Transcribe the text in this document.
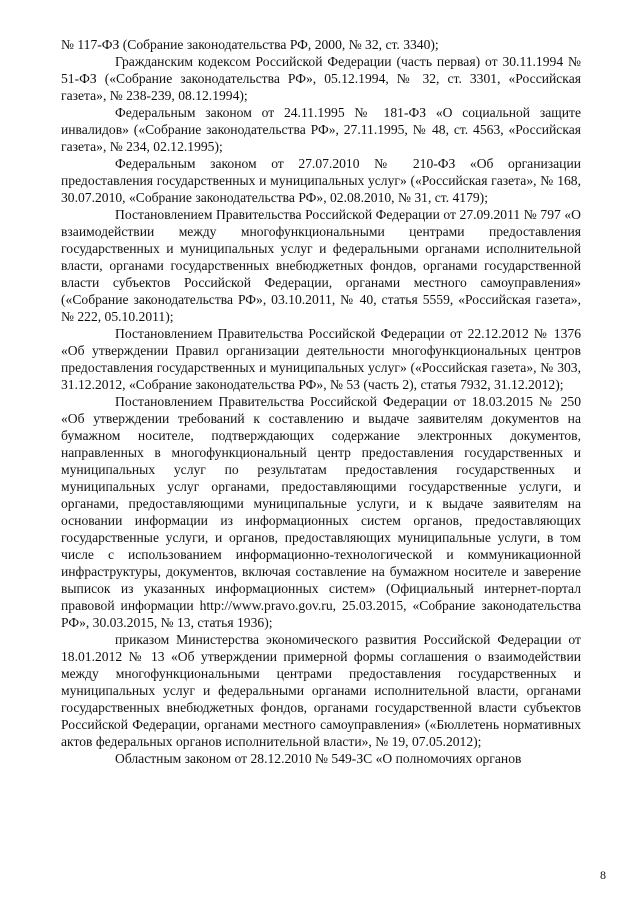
№ 117-ФЗ (Собрание законодательства РФ, 2000, № 32, ст. 3340);

Гражданским кодексом Российской Федерации (часть первая) от 30.11.1994 № 51-ФЗ («Собрание законодательства РФ», 05.12.1994, № 32, ст. 3301, «Российская газета», № 238-239, 08.12.1994);

Федеральным законом от 24.11.1995 № 181-ФЗ «О социальной защите инвалидов» («Собрание законодательства РФ», 27.11.1995, № 48, ст. 4563, «Российская газета», № 234, 02.12.1995);

Федеральным законом от 27.07.2010 № 210-ФЗ «Об организации предоставления государственных и муниципальных услуг» («Российская газета», № 168, 30.07.2010, «Собрание законодательства РФ», 02.08.2010, № 31, ст. 4179);

Постановлением Правительства Российской Федерации от 27.09.2011 № 797 «О взаимодействии между многофункциональными центрами предоставления государственных и муниципальных услуг и федеральными органами исполнительной власти, органами государственных внебюджетных фондов, органами государственной власти субъектов Российской Федерации, органами местного самоуправления» («Собрание законодательства РФ», 03.10.2011, № 40, статья 5559, «Российская газета», № 222, 05.10.2011);

Постановлением Правительства Российской Федерации от 22.12.2012 № 1376 «Об утверждении Правил организации деятельности многофункциональных центров предоставления государственных и муниципальных услуг» («Российская газета», № 303, 31.12.2012, «Собрание законодательства РФ», № 53 (часть 2), статья 7932, 31.12.2012);

Постановлением Правительства Российской Федерации от 18.03.2015 № 250 «Об утверждении требований к составлению и выдаче заявителям документов на бумажном носителе, подтверждающих содержание электронных документов, направленных в многофункциональный центр предоставления государственных и муниципальных услуг по результатам предоставления государственных и муниципальных услуг органами, предоставляющими государственные услуги, и органами, предоставляющими муниципальные услуги, и к выдаче заявителям на основании информации из информационных систем органов, предоставляющих государственные услуги, и органов, предоставляющих муниципальные услуги, в том числе с использованием информационно-технологической и коммуникационной инфраструктуры, документов, включая составление на бумажном носителе и заверение выписок из указанных информационных систем» (Официальный интернет-портал правовой информации http://www.pravo.gov.ru, 25.03.2015, «Собрание законодательства РФ», 30.03.2015, № 13, статья 1936);

приказом Министерства экономического развития Российской Федерации от 18.01.2012 № 13 «Об утверждении примерной формы соглашения о взаимодействии между многофункциональными центрами предоставления государственных и муниципальных услуг и федеральными органами исполнительной власти, органами государственных внебюджетных фондов, органами государственной власти субъектов Российской Федерации, органами местного самоуправления» («Бюллетень нормативных актов федеральных органов исполнительной власти», № 19, 07.05.2012);

Областным законом от 28.12.2010 № 549-ЗС «О полномочиях органов

8
